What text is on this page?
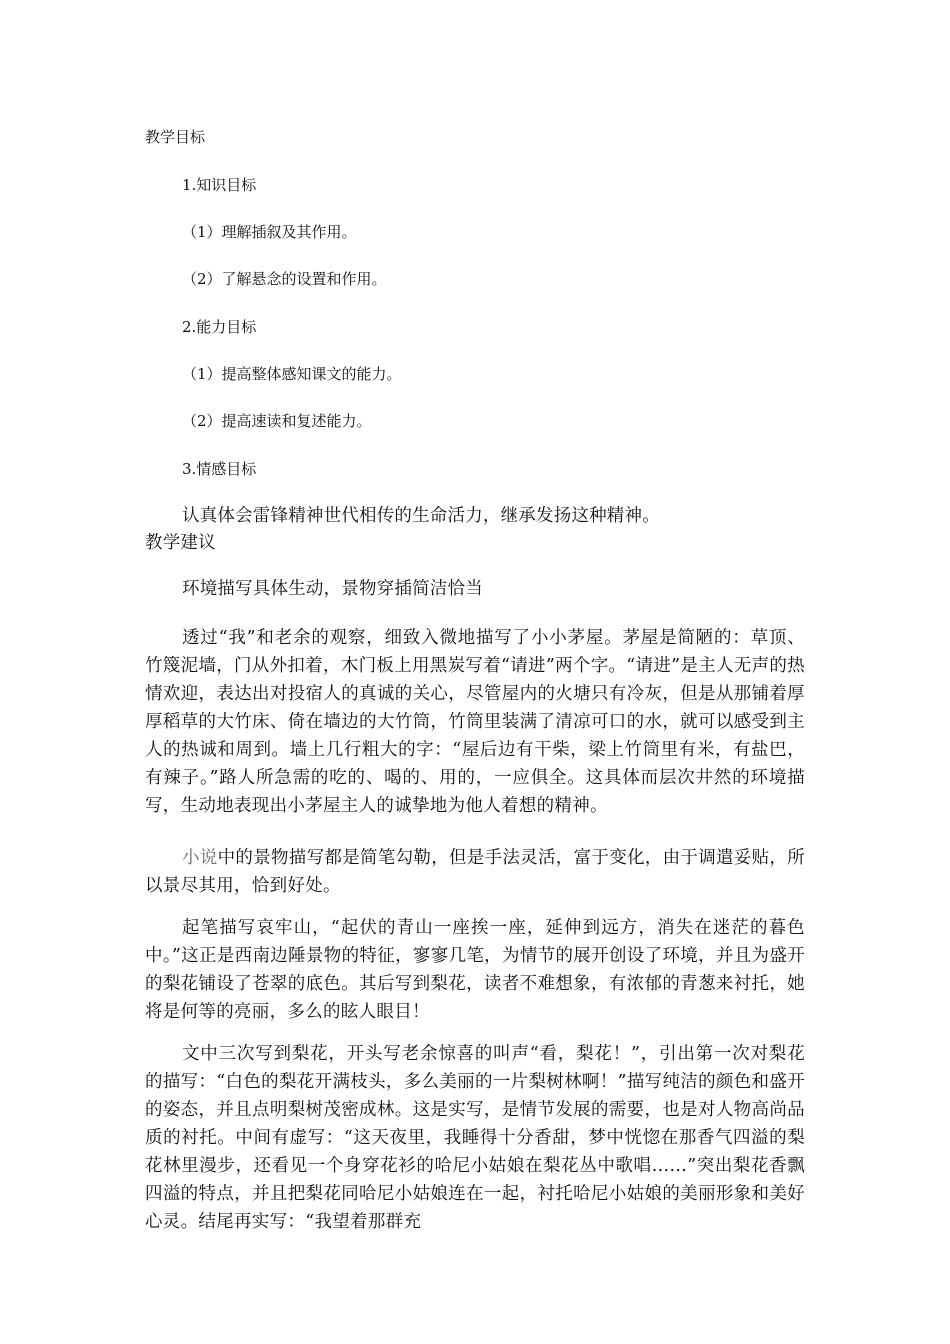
教学目标

1.知识目标

（1）理解插叙及其作用。

（2）了解悬念的设置和作用。

2.能力目标

（1）提高整体感知课文的能力。

（2）提高速读和复述能力。

3.情感目标

认真体会雷锋精神世代相传的生命活力，继承发扬这种精神。

教学建议

环境描写具体生动，景物穿插简洁恰当

透过“我”和老余的观察，细致入微地描写了小小茅屋。茅屋是简陋的：草顶、竹篾泥墙，门从外扣着，木门板上用黑炭写着“请进”两个字。“请进”是主人无声的热情欢迎，表达出对投宿人的真诚的关心，尽管屋内的火塘只有冷灰，但是从那铺着厚厚稻草的大竹床、倚在墙边的大竹筒，竹筒里装满了清凉可口的水，就可以感受到主人的热诚和周到。墙上几行粗大的字：“屋后边有干柴，梁上竹筒里有米，有盐巴，有辣子。”路人所急需的吃的、喝的、用的，一应俱全。这具体而层次井然的环境描写，生动地表现出小茅屋主人的诚挚地为他人着想的精神。

小说中的景物描写都是简笔勾勒，但是手法灵活，富于变化，由于调遣妥贴，所以景尽其用，恰到好处。

起笔描写哀牢山，“起伏的青山一座挨一座，延伸到远方，消失在迷茫的暮色中。”这正是西南边陲景物的特征，寥寥几笔，为情节的展开创设了环境，并且为盛开的梨花铺设了苍翠的底色。其后写到梨花，读者不难想象，有浓郁的青葱来衬托，她将是何等的亮丽，多么的眩人眼目！

文中三次写到梨花，开头写老余惊喜的叫声“看，梨花！”，引出第一次对梨花的描写：“白色的梨花开满枝头，多么美丽的一片梨树林啊！”描写纯洁的颜色和盛开的姿态，并且点明梨树茂密成林。这是实写，是情节发展的需要，也是对人物高尚品质的衬托。中间有虚写：“这天夜里，我睡得十分香甜，梦中恍惚在那香气四溢的梨花林里漫步，还看见一个身穿花衫的哈尼小姑娘在梨花丛中歌唱……”突出梨花香飘四溢的特点，并且把梨花同哈尼小姑娘连在一起，衬托哈尼小姑娘的美丽形象和美好心灵。结尾再实写：“我望着那群充
